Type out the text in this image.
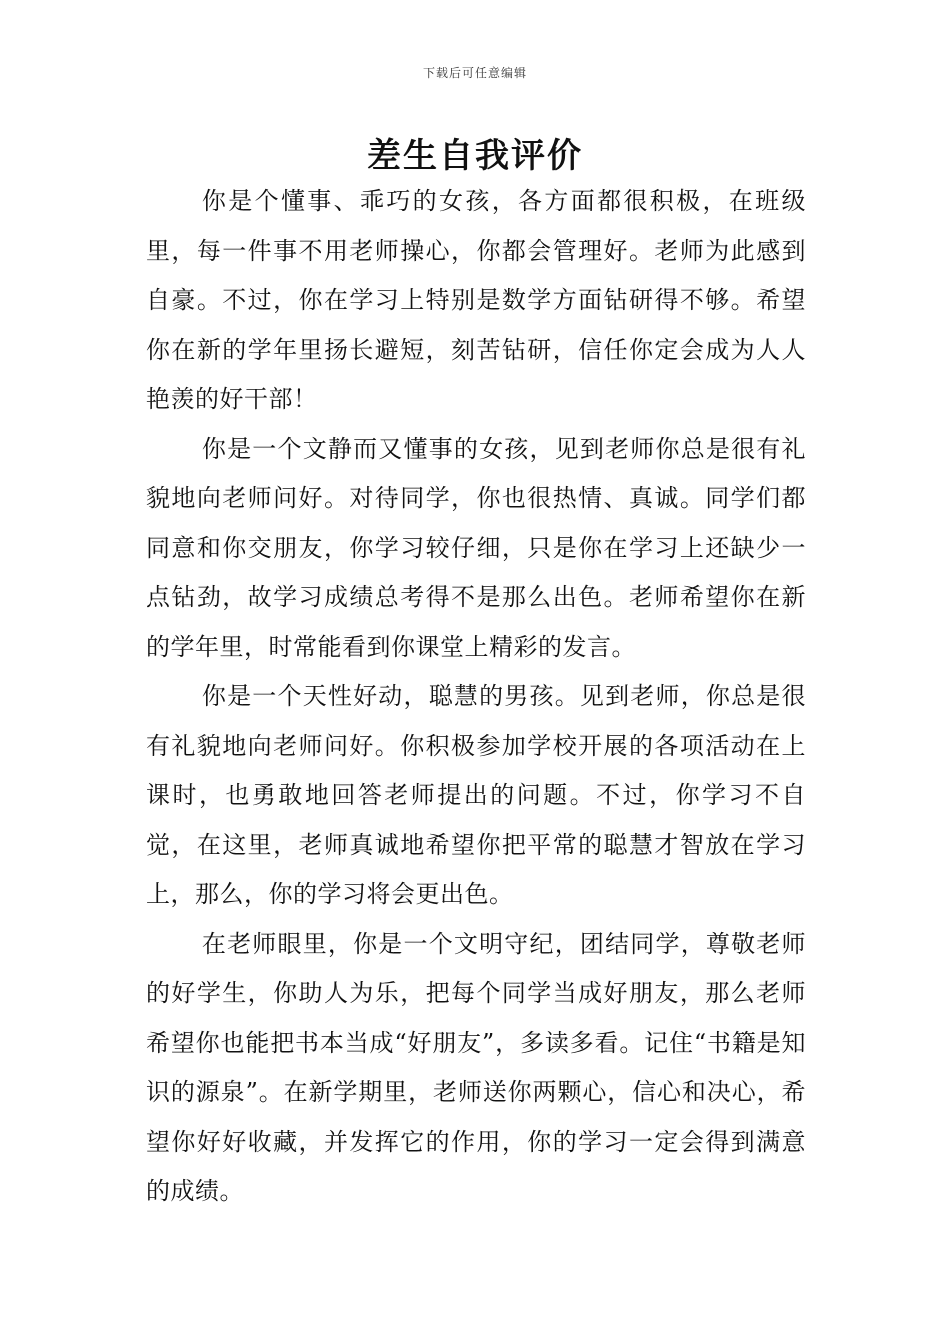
下载后可任意编辑
差生自我评价

你是个懂事、乖巧的女孩，各方面都很积极，在班级里，每一件事不用老师操心，你都会管理好。老师为此感到自豪。不过，你在学习上特别是数学方面钻研得不够。希望你在新的学年里扬长避短，刻苦钻研，信任你定会成为人人艳羡的好干部！

你是一个文静而又懂事的女孩，见到老师你总是很有礼貌地向老师问好。对待同学，你也很热情、真诚。同学们都同意和你交朋友，你学习较仔细，只是你在学习上还缺少一点钻劲，故学习成绩总考得不是那么出色。老师希望你在新的学年里，时常能看到你课堂上精彩的发言。

你是一个天性好动，聪慧的男孩。见到老师，你总是很有礼貌地向老师问好。你积极参加学校开展的各项活动在上课时，也勇敢地回答老师提出的问题。不过，你学习不自觉，在这里，老师真诚地希望你把平常的聪慧才智放在学习上，那么，你的学习将会更出色。

在老师眼里，你是一个文明守纪，团结同学，尊敬老师的好学生，你助人为乐，把每个同学当成好朋友，那么老师希望你也能把书本当成“好朋友”，多读多看。记住“书籍是知识的源泉”。在新学期里，老师送你两颗心，信心和决心，希望你好好收藏，并发挥它的作用，你的学习一定会得到满意的成绩。
